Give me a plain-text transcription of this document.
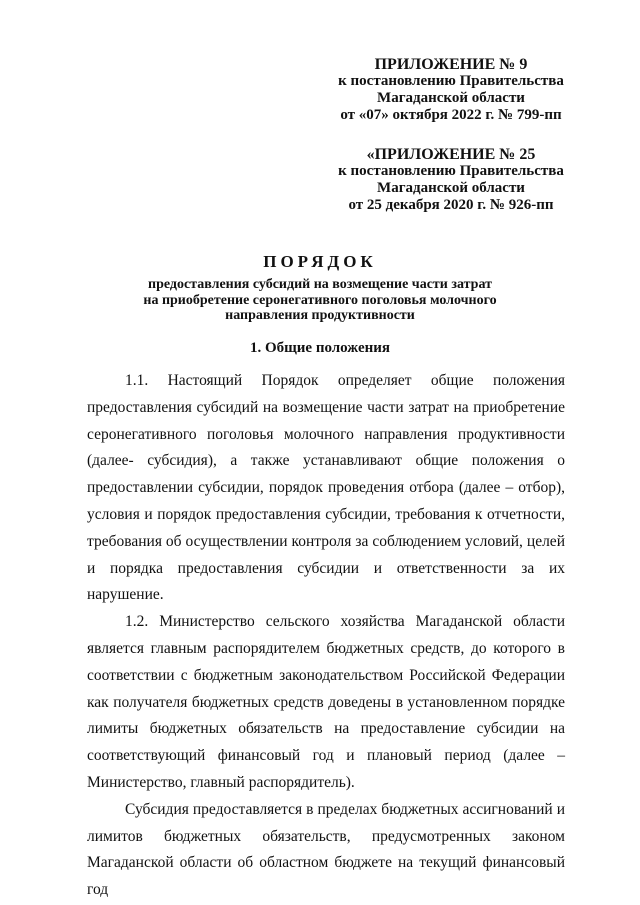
ПРИЛОЖЕНИЕ № 9
к постановлению Правительства
Магаданской области
от «07» октября 2022 г. № 799-пп
«ПРИЛОЖЕНИЕ № 25
к постановлению Правительства
Магаданской области
от 25 декабря 2020 г. № 926-пп
ПОРЯДОК
предоставления субсидий на возмещение части затрат
на приобретение серонегативного поголовья молочного
направления продуктивности
1. Общие положения

1.1. Настоящий Порядок определяет общие положения предоставления субсидий на возмещение части затрат на приобретение серонегативного поголовья молочного направления продуктивности (далее- субсидия), а также устанавливают общие положения о предоставлении субсидии, порядок проведения отбора (далее – отбор), условия и порядок предоставления субсидии, требования к отчетности, требования об осуществлении контроля за соблюдением условий, целей и порядка предоставления субсидии и ответственности за их нарушение.

1.2. Министерство сельского хозяйства Магаданской области является главным распорядителем бюджетных средств, до которого в соответствии с бюджетным законодательством Российской Федерации как получателя бюджетных средств доведены в установленном порядке лимиты бюджетных обязательств на предоставление субсидии на соответствующий финансовый год и плановый период (далее – Министерство, главный распорядитель).

Субсидия предоставляется в пределах бюджетных ассигнований и лимитов бюджетных обязательств, предусмотренных законом Магаданской области об областном бюджете на текущий финансовый год
